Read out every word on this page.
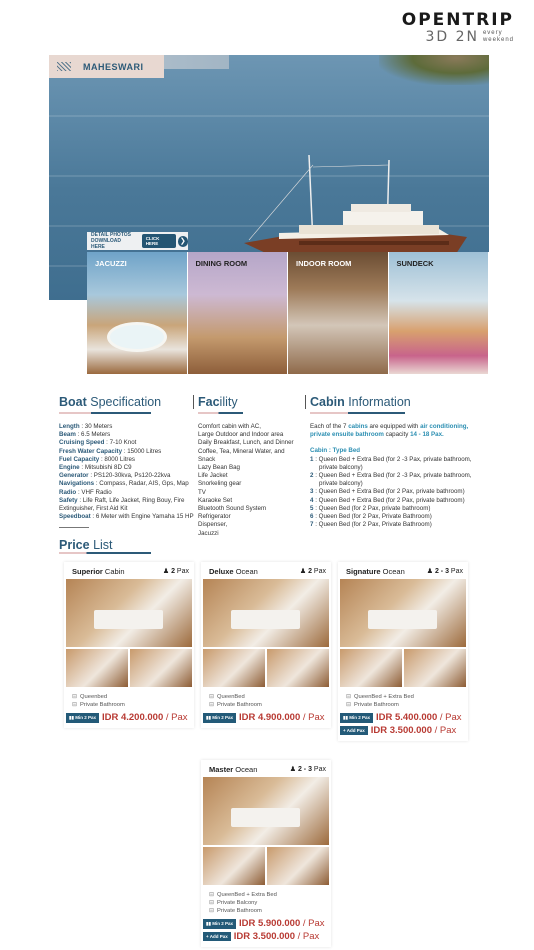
OPENTRIP
3D 2N every
weekend
MAHESWARI
DETAIL PHOTOS
DOWNLOAD HERE
CLICK HERE	❯
JACUZZI	DINING ROOM	INDOOR ROOM	SUNDECK
Boat Specification

Length : 30 Meters

Beam : 6.5 Meters

Cruising Speed : 7-10 Knot

Fresh Water Capacity : 15000 Litres

Fuel Capacity : 8000 Litres

Engine : Mitsubishi 8D C9

Generator : PS120-30kva, Ps120-22kva

Navigations : Compass, Radar, AIS, Gps, Map

Radio : VHF Radio

Safety : Life Raft, Life Jacket, Ring Bouy, Fire Extinguisher, First Aid Kit

Speedboat : 6 Meter with Engine Yamaha 15 HP

Facility

Comfort cabin with AC,

Large Outdoor and Indoor area

Daily Breakfast, Lunch, and Dinner

Coffee, Tea, Mineral Water, and Snack

Lazy Bean Bag

Life Jacket

Snorkeling gear

TV

Karaoke Set

Bluetooth Sound System

Refrigerator

Dispenser,

Jacuzzi

Cabin Information

Each of the 7 cabins are equipped with air conditioning, private ensuite bathroom capacity 14 - 18 Pax.

Cabin : Type Bed

1 : Queen Bed + Extra Bed (for 2 -3 Pax, private bathroom, private balcony)

2 : Queen Bed + Extra Bed (for 2 -3 Pax, private bathroom, private balcony)

3 : Queen Bed + Extra Bed (for 2 Pax, private bathroom)

4 : Queen Bed + Extra Bed (for 2 Pax, private bathroom)

5 : Queen Bed (for 2 Pax, private bathroom)

6 : Queen Bed (for 2 Pax, Private Bathroom)

7 : Queen Bed (for 2 Pax, Private Bathroom)

Price List
Superior Cabin	♟ 2 Pax
⊟ Queenbed
⊟ Private Bathroom
▮▮ Min 2 Pax IDR 4.200.000 / Pax
Deluxe Ocean	♟ 2 Pax
⊟ QueenBed
⊟ Private Bathroom
▮▮ Min 2 Pax IDR 4.900.000 / Pax
Signature Ocean	♟ 2 - 3 Pax
⊟ QueenBed + Extra Bed
⊟ Private Bathroom
▮▮ Min 2 Pax IDR 5.400.000 / Pax
+ Add Pax IDR 3.500.000 / Pax
Master Ocean	♟ 2 - 3 Pax
⊟ QueenBed + Extra Bed
⊟ Private Balcony
⊟ Private Bathroom
▮▮ Min 2 Pax IDR 5.900.000 / Pax
+ Add Pax IDR 3.500.000 / Pax
